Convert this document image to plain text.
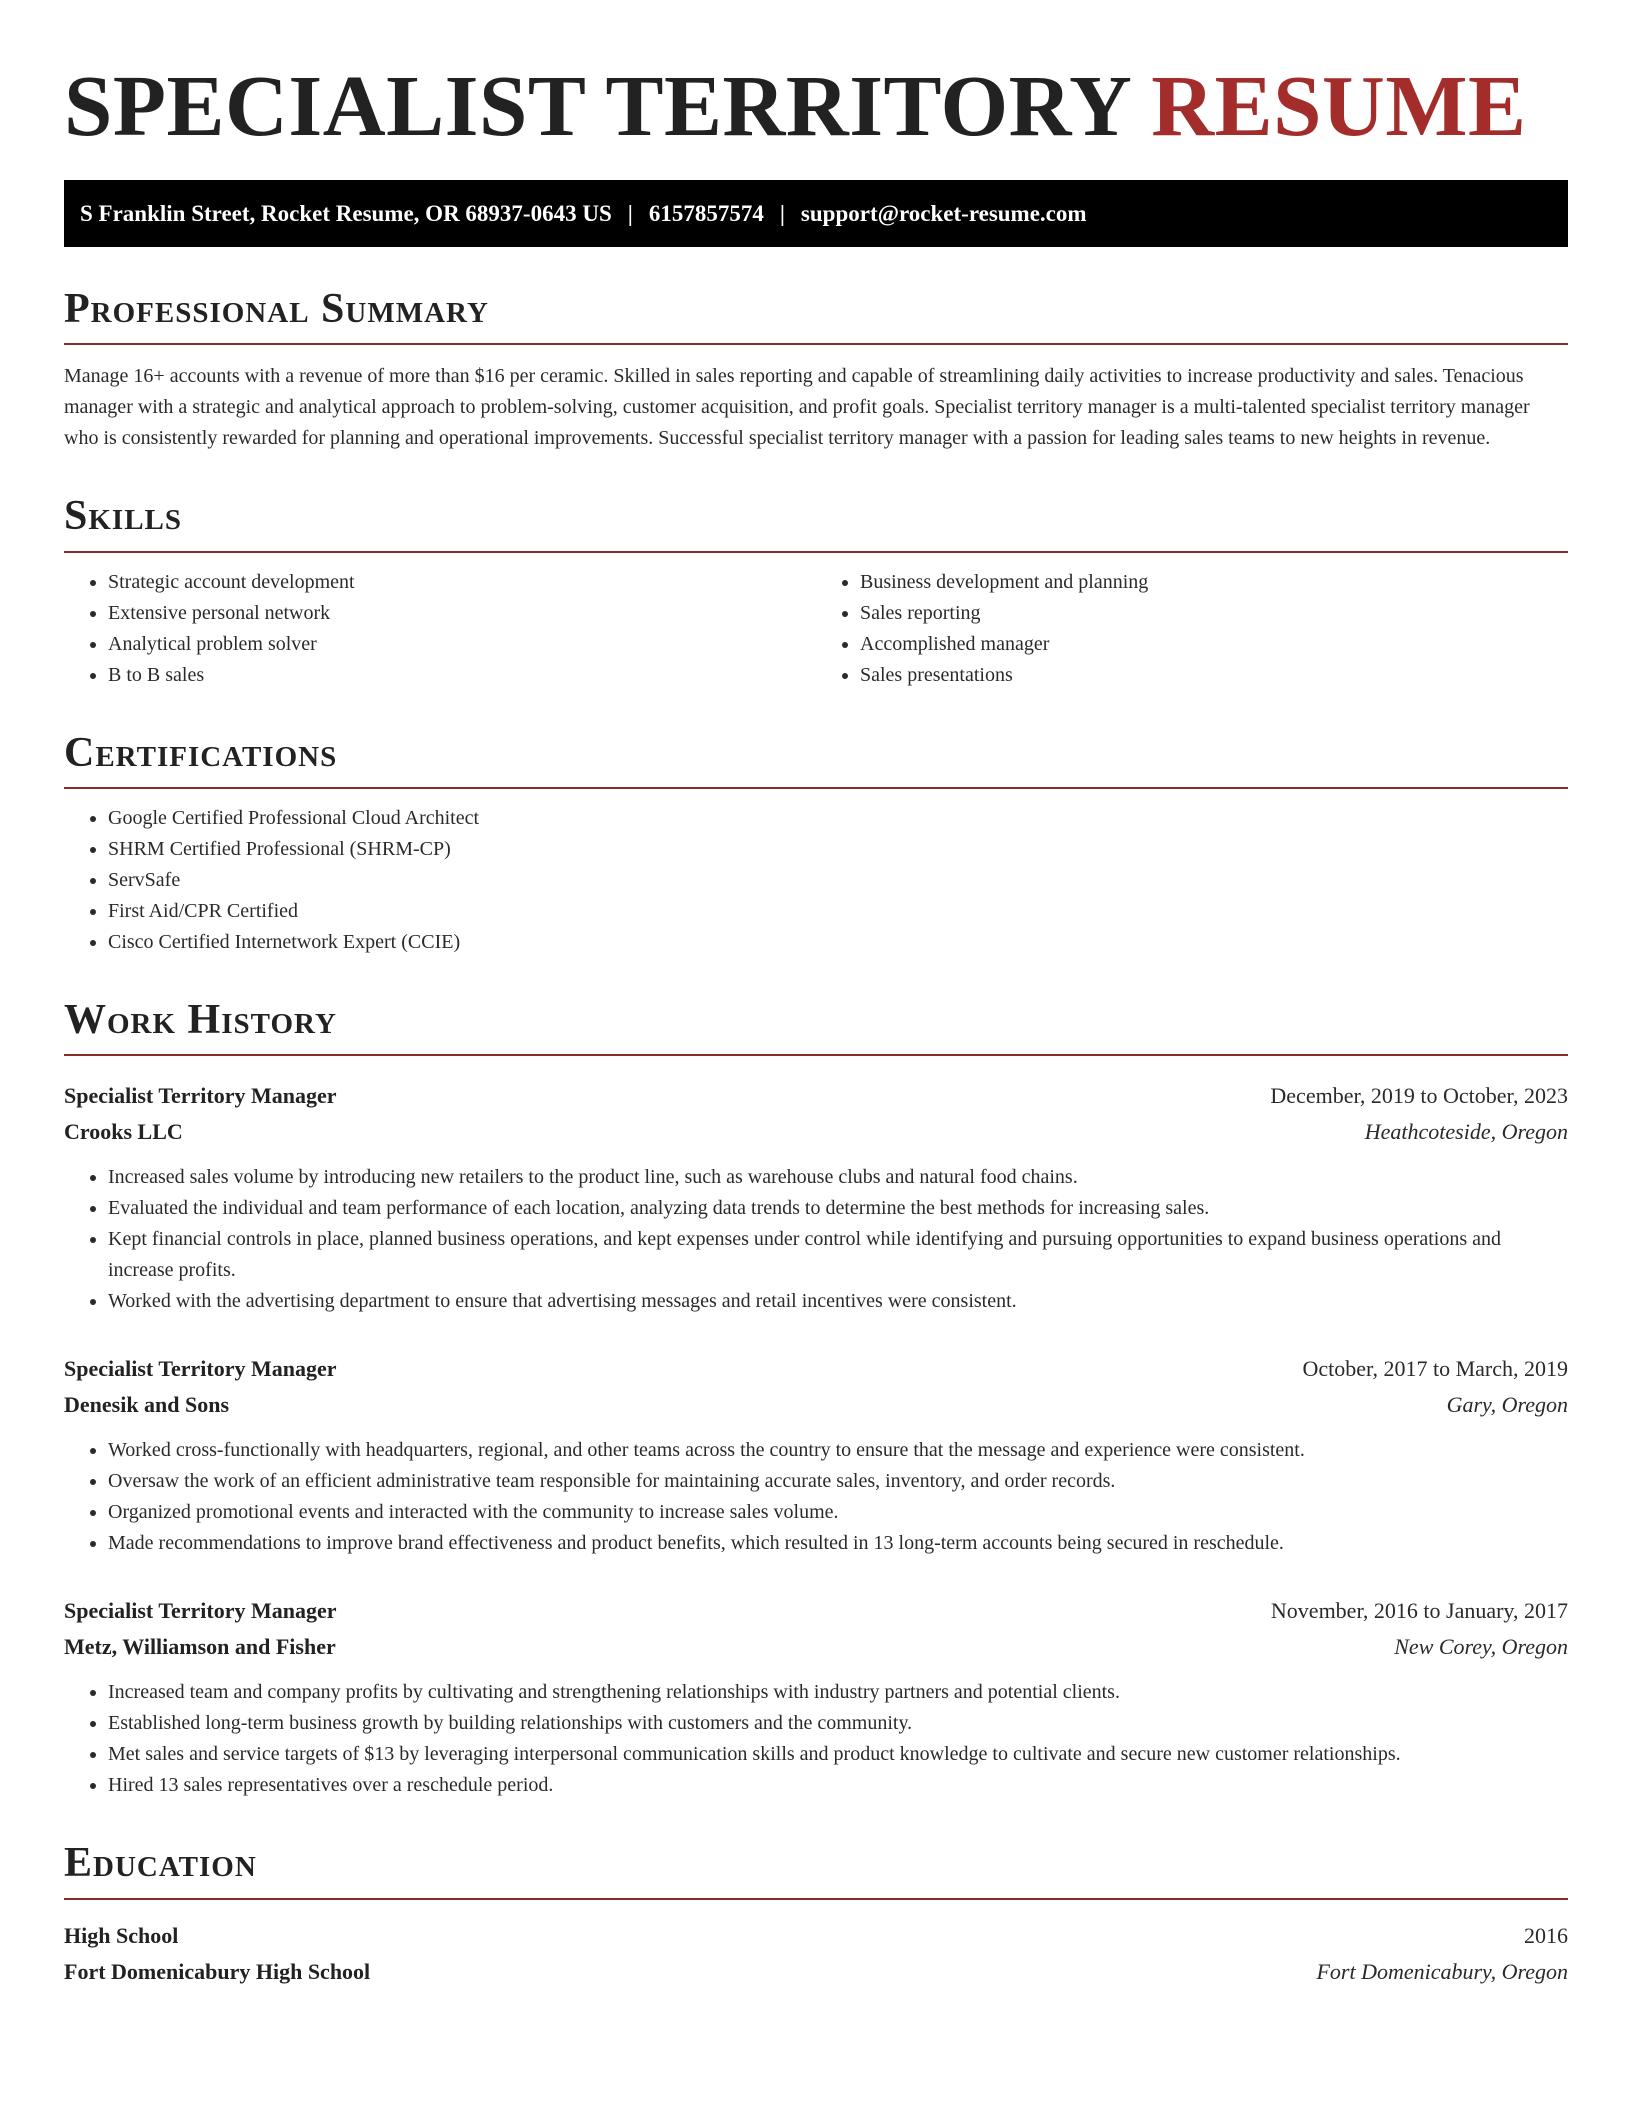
SPECIALIST TERRITORY RESUME
S Franklin Street, Rocket Resume, OR 68937-0643 US | 6157857574 | support@rocket-resume.com
Professional Summary

Manage 16+ accounts with a revenue of more than $16 per ceramic. Skilled in sales reporting and capable of streamlining daily activities to increase productivity and sales. Tenacious manager with a strategic and analytical approach to problem-solving, customer acquisition, and profit goals. Specialist territory manager is a multi-talented specialist territory manager who is consistently rewarded for planning and operational improvements. Successful specialist territory manager with a passion for leading sales teams to new heights in revenue.

Skills
• Strategic account development
• Extensive personal network
• Analytical problem solver
• B to B sales
• Business development and planning
• Sales reporting
• Accomplished manager
• Sales presentations
Certifications
• Google Certified Professional Cloud Architect
• SHRM Certified Professional (SHRM-CP)
• ServSafe
• First Aid/CPR Certified
• Cisco Certified Internetwork Expert (CCIE)
Work History
Specialist Territory Manager	December, 2019 to October, 2023
Crooks LLC	Heathcoteside, Oregon
• Increased sales volume by introducing new retailers to the product line, such as warehouse clubs and natural food chains.
• Evaluated the individual and team performance of each location, analyzing data trends to determine the best methods for increasing sales.
• Kept financial controls in place, planned business operations, and kept expenses under control while identifying and pursuing opportunities to expand business operations and increase profits.
• Worked with the advertising department to ensure that advertising messages and retail incentives were consistent.
Specialist Territory Manager	October, 2017 to March, 2019
Denesik and Sons	Gary, Oregon
• Worked cross-functionally with headquarters, regional, and other teams across the country to ensure that the message and experience were consistent.
• Oversaw the work of an efficient administrative team responsible for maintaining accurate sales, inventory, and order records.
• Organized promotional events and interacted with the community to increase sales volume.
• Made recommendations to improve brand effectiveness and product benefits, which resulted in 13 long-term accounts being secured in reschedule.
Specialist Territory Manager	November, 2016 to January, 2017
Metz, Williamson and Fisher	New Corey, Oregon
• Increased team and company profits by cultivating and strengthening relationships with industry partners and potential clients.
• Established long-term business growth by building relationships with customers and the community.
• Met sales and service targets of $13 by leveraging interpersonal communication skills and product knowledge to cultivate and secure new customer relationships.
• Hired 13 sales representatives over a reschedule period.
Education
High School	2016
Fort Domenicabury High School	Fort Domenicabury, Oregon
